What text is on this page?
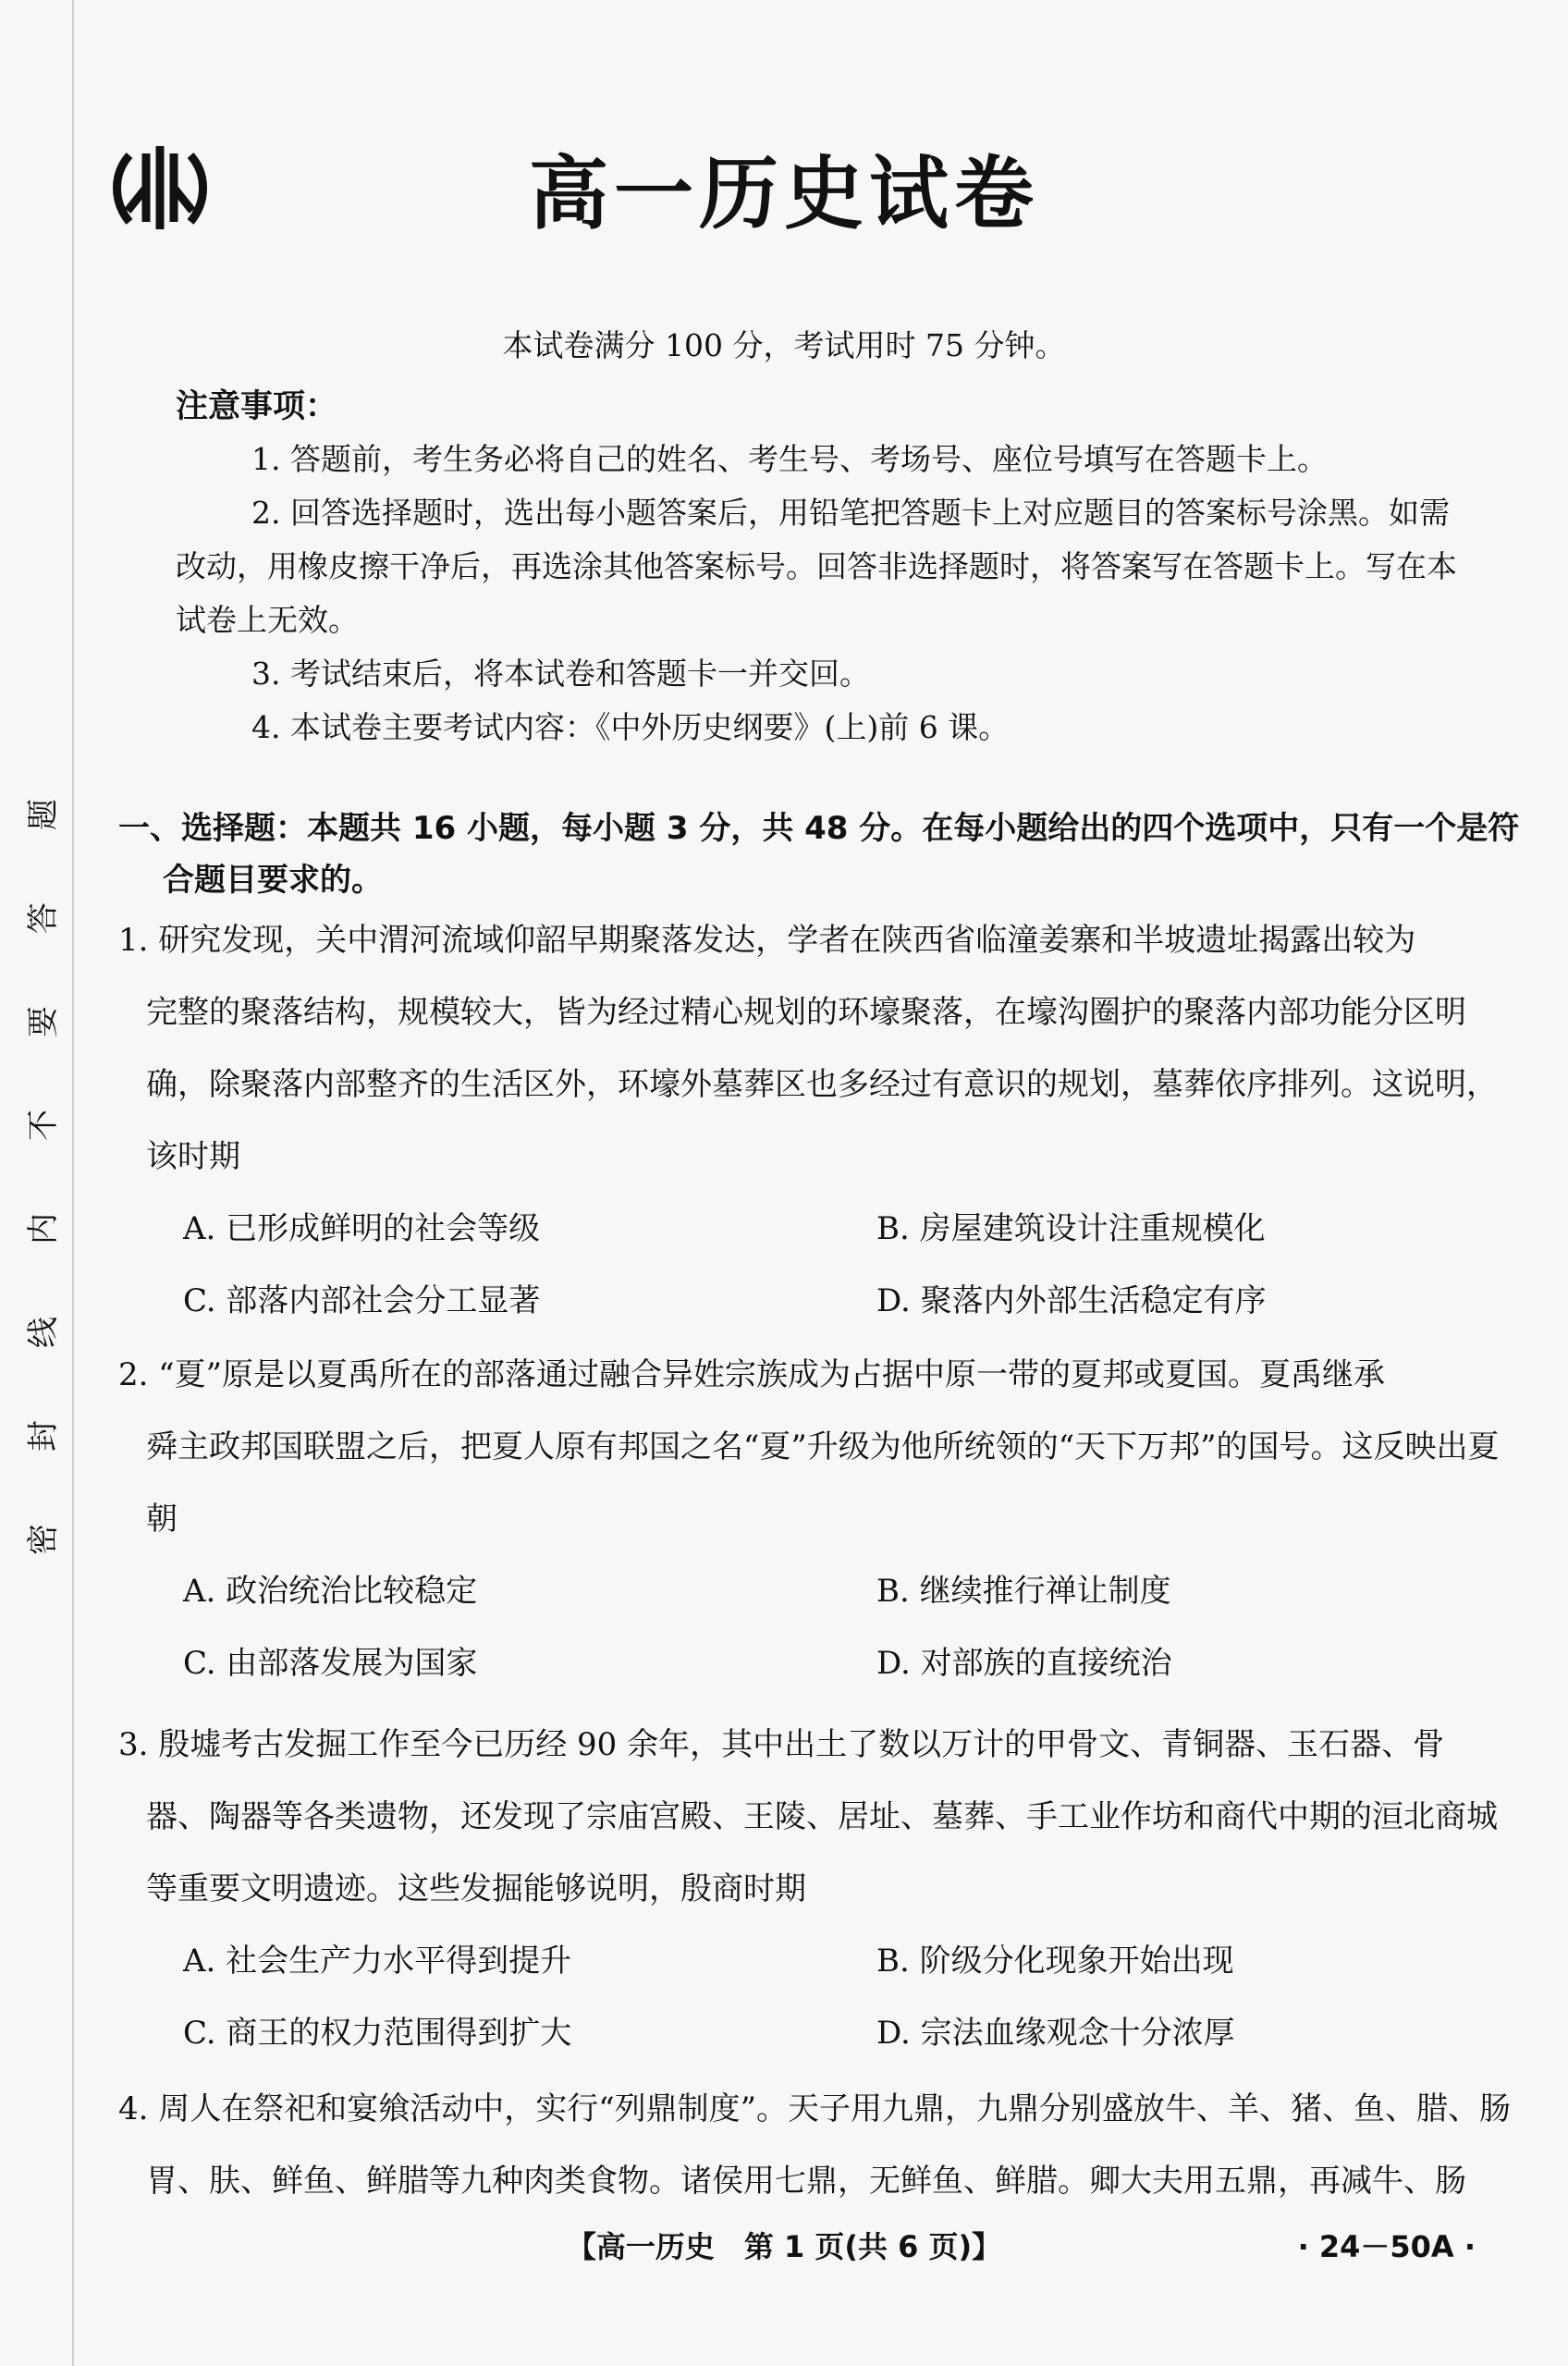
高一历史试卷
本试卷满分 100 分，考试用时 75 分钟。
注意事项：

1. 答题前，考生务必将自己的姓名、考生号、考场号、座位号填写在答题卡上。

2. 回答选择题时，选出每小题答案后，用铅笔把答题卡上对应题目的答案标号涂黑。如需改动，用橡皮擦干净后，再选涂其他答案标号。回答非选择题时，将答案写在答题卡上。写在本试卷上无效。

3. 考试结束后，将本试卷和答题卡一并交回。

4. 本试卷主要考试内容：《中外历史纲要》(上)前 6 课。

题
答
要
不
内
线
封
密
一、选择题：本题共 16 小题，每小题 3 分，共 48 分。在每小题给出的四个选项中，只有一个是符
合题目要求的。

1. 研究发现，关中渭河流域仰韶早期聚落发达，学者在陕西省临潼姜寨和半坡遗址揭露出较为
完整的聚落结构，规模较大，皆为经过精心规划的环壕聚落，在壕沟圈护的聚落内部功能分区明确，除聚落内部整齐的生活区外，环壕外墓葬区也多经过有意识的规划，墓葬依序排列。这说明，该时期

A. 已形成鲜明的社会等级	B. 房屋建筑设计注重规模化
C. 部落内部社会分工显著	D. 聚落内外部生活稳定有序

2. “夏”原是以夏禹所在的部落通过融合异姓宗族成为占据中原一带的夏邦或夏国。夏禹继承
舜主政邦国联盟之后，把夏人原有邦国之名“夏”升级为他所统领的“天下万邦”的国号。这反映出夏朝

A. 政治统治比较稳定	B. 继续推行禅让制度
C. 由部落发展为国家	D. 对部族的直接统治

3. 殷墟考古发掘工作至今已历经 90 余年，其中出土了数以万计的甲骨文、青铜器、玉石器、骨
器、陶器等各类遗物，还发现了宗庙宫殿、王陵、居址、墓葬、手工业作坊和商代中期的洹北商城等重要文明遗迹。这些发掘能够说明，殷商时期

A. 社会生产力水平得到提升	B. 阶级分化现象开始出现
C. 商王的权力范围得到扩大	D. 宗法血缘观念十分浓厚

4. 周人在祭祀和宴飨活动中，实行“列鼎制度”。天子用九鼎，九鼎分别盛放牛、羊、猪、鱼、腊、肠
胃、肤、鲜鱼、鲜腊等九种肉类食物。诸侯用七鼎，无鲜鱼、鲜腊。卿大夫用五鼎，再减牛、肠

【高一历史　第 1 页(共 6 页)】	· 24－50A ·
